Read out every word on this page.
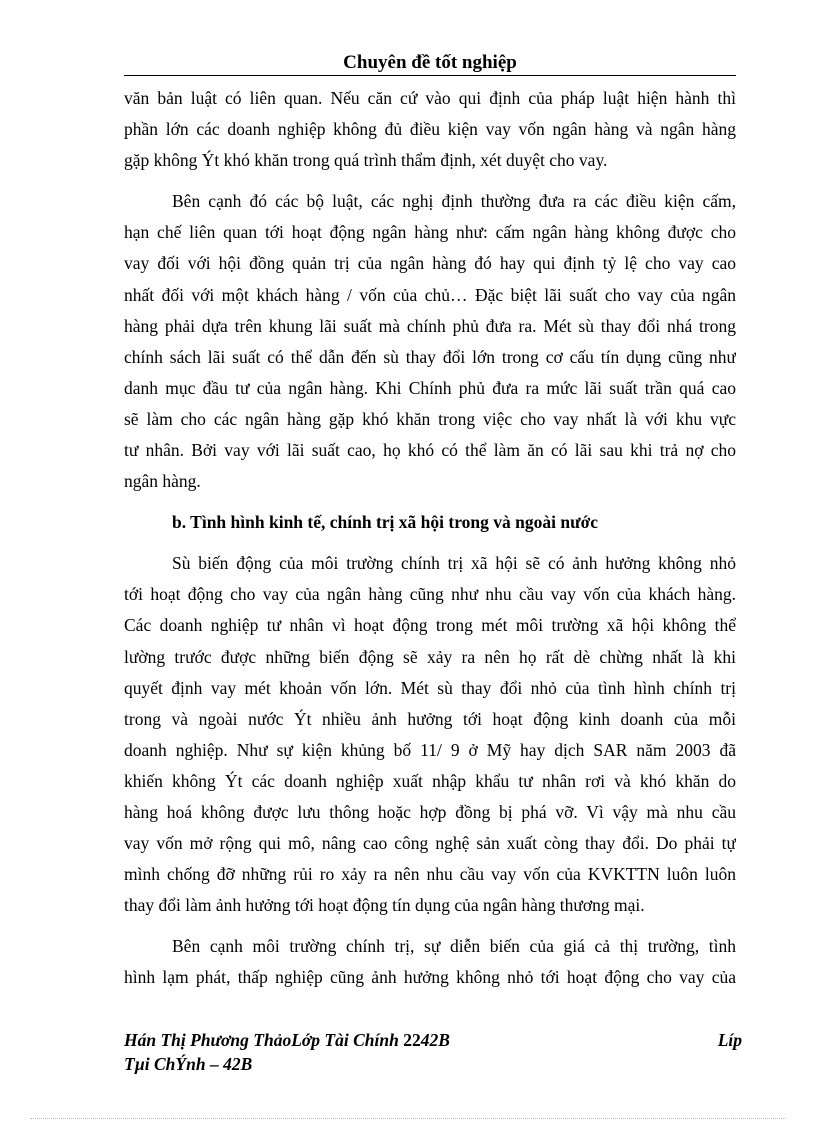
Chuyên đề tốt nghiệp

văn bản luật có liên quan. Nếu căn cứ vào qui định của pháp luật hiện hành thì
phần lớn các doanh nghiệp không đủ điều kiện vay vốn ngân hàng và ngân hàng
gặp không Ýt khó khăn trong quá trình thẩm định, xét duyệt cho vay.

Bên cạnh đó các bộ luật, các nghị định thường đưa ra các điều kiện cấm,
hạn chế liên quan tới hoạt động ngân hàng như: cấm ngân hàng không được cho
vay đối với hội đồng quản trị của ngân hàng đó hay qui định tỷ lệ cho vay cao
nhất đối với một khách hàng / vốn của chủ… Đặc biệt lãi suất cho vay của ngân
hàng phải dựa trên khung lãi suất mà chính phủ đưa ra. Mét sù thay đổi nhá trong
chính sách lãi suất có thể dẫn đến sù thay đổi lớn trong cơ cấu tín dụng cũng như
danh mục đầu tư của ngân hàng. Khi Chính phủ đưa ra mức lãi suất trần quá cao
sẽ làm cho các ngân hàng gặp khó khăn trong việc cho vay nhất là với khu vực
tư nhân. Bởi vay với lãi suất cao, họ khó có thể làm ăn có lãi sau khi trả nợ cho
ngân hàng.

b. Tình hình kinh tế, chính trị xã hội trong và ngoài nước

Sù biến động của môi trường chính trị xã hội sẽ có ảnh hưởng không nhỏ
tới hoạt động cho vay của ngân hàng cũng như nhu cầu vay vốn của khách hàng.
Các doanh nghiệp tư nhân vì hoạt động trong mét môi trường xã hội không thể
lường trước được những biến động sẽ xảy ra nên họ rất dè chừng nhất là khi
quyết định vay mét khoản vốn lớn. Mét sù thay đổi nhỏ của tình hình chính trị
trong và ngoài nước Ýt nhiều ảnh hưởng tới hoạt động kinh doanh của mỗi
doanh nghiệp. Như sự kiện khủng bố 11/ 9 ở Mỹ hay dịch SAR năm 2003 đã
khiến không Ýt các doanh nghiệp xuất nhập khẩu tư nhân rơi và khó khăn do
hàng hoá không được lưu thông hoặc hợp đồng bị phá vỡ. Vì vậy mà nhu cầu
vay vốn mở rộng qui mô, nâng cao công nghệ sản xuất còng thay đổi. Do phải tự
mình chống đỡ những rủi ro xảy ra nên nhu cầu vay vốn của KVKTTN luôn luôn
thay đổi làm ảnh hưởng tới hoạt động tín dụng của ngân hàng thương mại.

Bên cạnh môi trường chính trị, sự diễn biến của giá cả thị trường, tình
hình lạm phát, thấp nghiệp cũng ảnh hưởng không nhỏ tới hoạt động cho vay của

Hán Thị Phương ThảoLớp Tài Chính 2242B	Líp
Tµi ChÝnh – 42B
